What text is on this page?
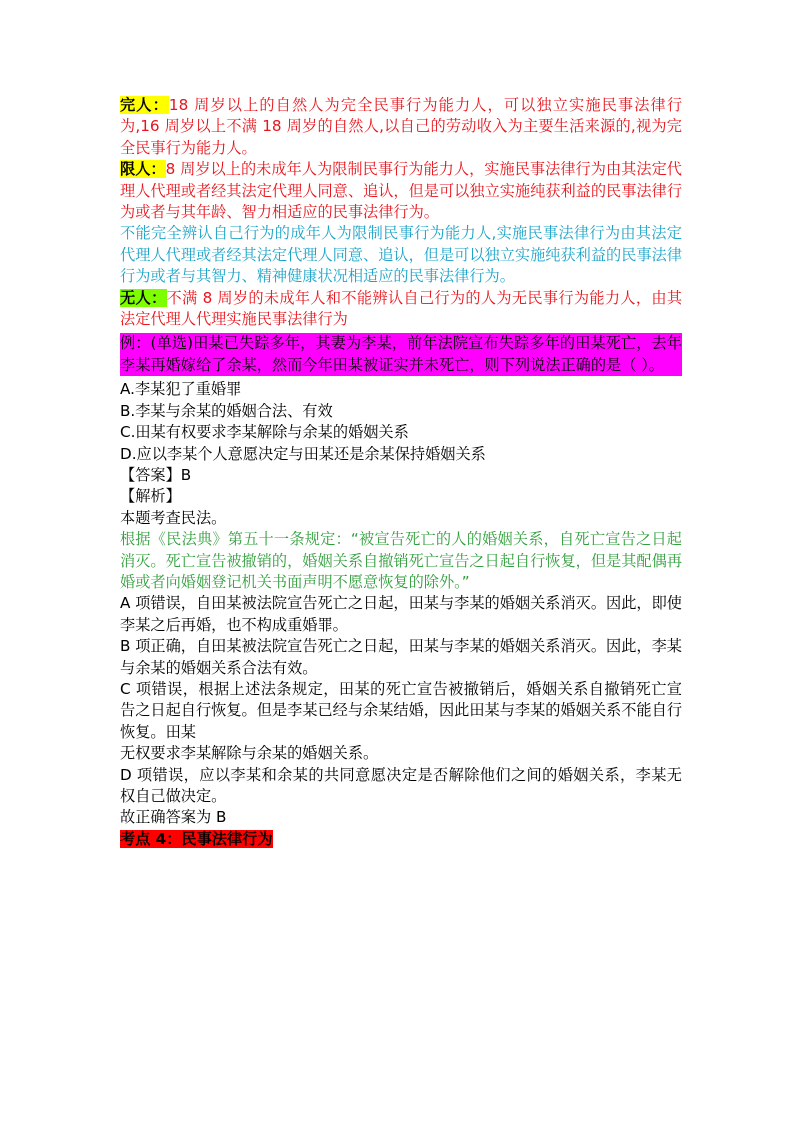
完人：18 周岁以上的自然人为完全民事行为能力人，可以独立实施民事法律行为,16 周岁以上不满 18 周岁的自然人,以自己的劳动收入为主要生活来源的,视为完全民事行为能力人。

限人：8 周岁以上的未成年人为限制民事行为能力人，实施民事法律行为由其法定代理人代理或者经其法定代理人同意、追认，但是可以独立实施纯获利益的民事法律行为或者与其年龄、智力相适应的民事法律行为。

不能完全辨认自己行为的成年人为限制民事行为能力人,实施民事法律行为由其法定代理人代理或者经其法定代理人同意、追认，但是可以独立实施纯获利益的民事法律行为或者与其智力、精神健康状况相适应的民事法律行为。

无人：不满 8 周岁的未成年人和不能辨认自己行为的人为无民事行为能力人，由其法定代理人代理实施民事法律行为

例：(单选)田某已失踪多年，其妻为李某，前年法院宣布失踪多年的田某死亡，去年李某再婚嫁给了余某，然而今年田某被证实并未死亡，则下列说法正确的是（ ）。

A.李某犯了重婚罪

B.李某与余某的婚姻合法、有效

C.田某有权要求李某解除与余某的婚姻关系

D.应以李某个人意愿决定与田某还是余某保持婚姻关系

【答案】B

【解析】

本题考查民法。

根据《民法典》第五十一条规定：“被宣告死亡的人的婚姻关系，自死亡宣告之日起消灭。死亡宣告被撤销的，婚姻关系自撤销死亡宣告之日起自行恢复，但是其配偶再婚或者向婚姻登记机关书面声明不愿意恢复的除外。”

A 项错误，自田某被法院宣告死亡之日起，田某与李某的婚姻关系消灭。因此，即使李某之后再婚，也不构成重婚罪。

B 项正确，自田某被法院宣告死亡之日起，田某与李某的婚姻关系消灭。因此，李某与余某的婚姻关系合法有效。

C 项错误，根据上述法条规定，田某的死亡宣告被撤销后，婚姻关系自撤销死亡宣告之日起自行恢复。但是李某已经与余某结婚，因此田某与李某的婚姻关系不能自行恢复。田某

无权要求李某解除与余某的婚姻关系。

D 项错误，应以李某和余某的共同意愿决定是否解除他们之间的婚姻关系，李某无权自己做决定。

故正确答案为 B

考点 4：民事法律行为
